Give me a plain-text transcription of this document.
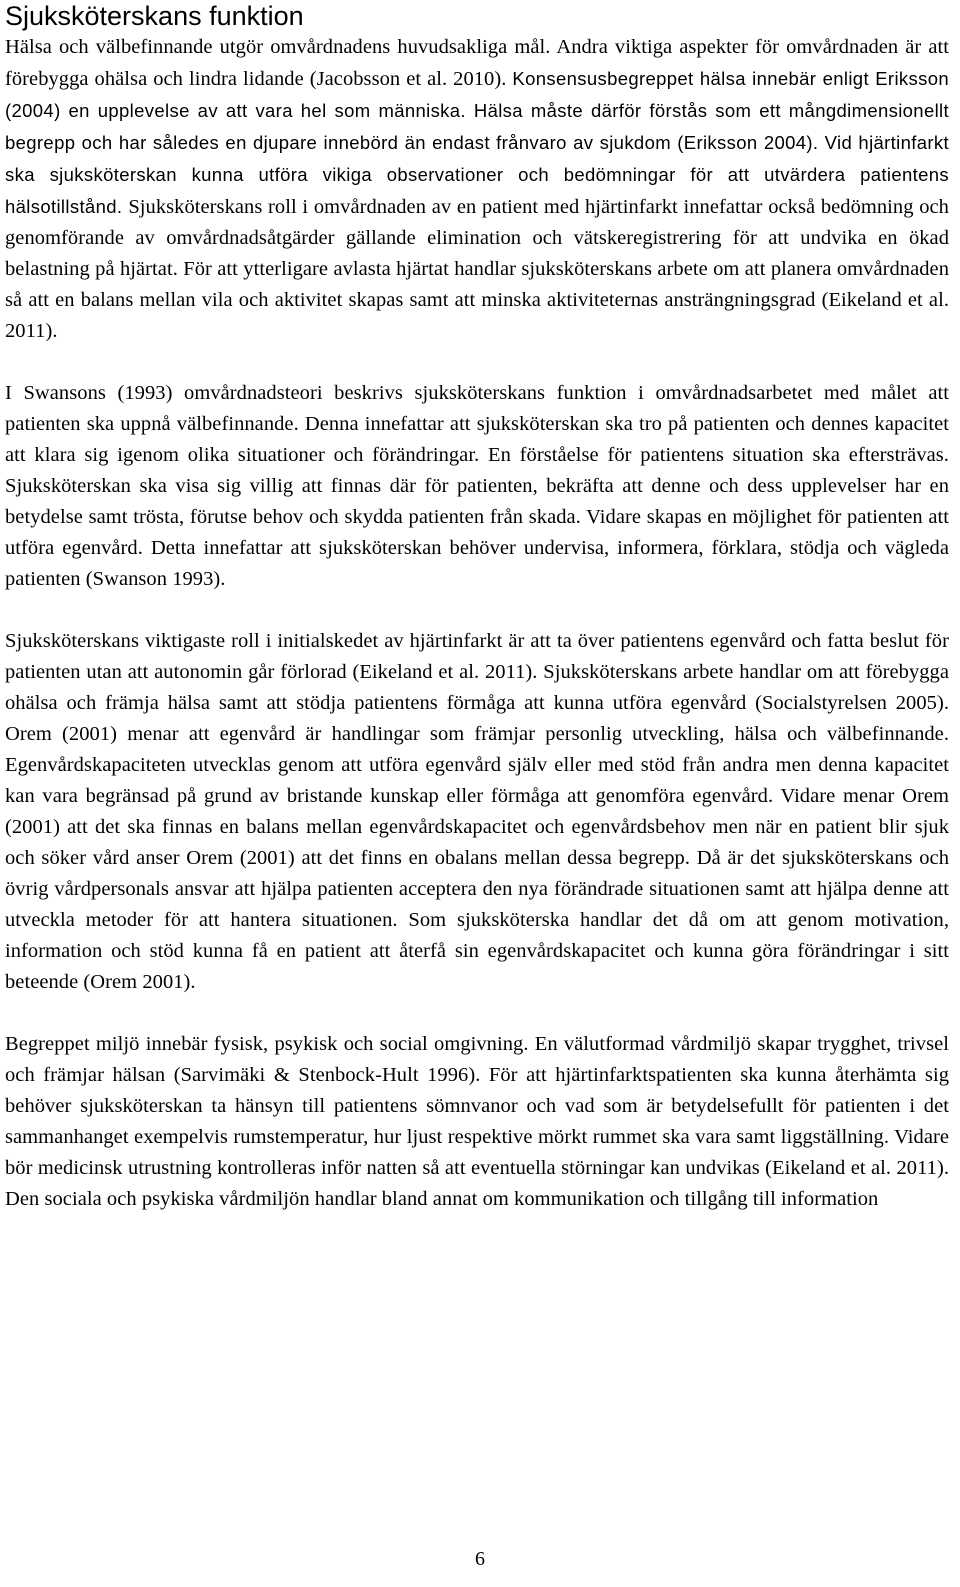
Sjuksköterskans funktion

Hälsa och välbefinnande utgör omvårdnadens huvudsakliga mål. Andra viktiga aspekter för omvårdnaden är att förebygga ohälsa och lindra lidande (Jacobsson et al. 2010). Konsensusbegreppet hälsa innebär enligt Eriksson (2004) en upplevelse av att vara hel som människa. Hälsa måste därför förstås som ett mångdimensionellt begrepp och har således en djupare innebörd än endast frånvaro av sjukdom (Eriksson 2004). Vid hjärtinfarkt ska sjuksköterskan kunna utföra vikiga observationer och bedömningar för att utvärdera patientens hälsotillstånd. Sjuksköterskans roll i omvårdnaden av en patient med hjärtinfarkt innefattar också bedömning och genomförande av omvårdnadsåtgärder gällande elimination och vätskeregistrering för att undvika en ökad belastning på hjärtat. För att ytterligare avlasta hjärtat handlar sjuksköterskans arbete om att planera omvårdnaden så att en balans mellan vila och aktivitet skapas samt att minska aktiviteternas ansträngningsgrad (Eikeland et al. 2011).

I Swansons (1993) omvårdnadsteori beskrivs sjuksköterskans funktion i omvårdnadsarbetet med målet att patienten ska uppnå välbefinnande. Denna innefattar att sjuksköterskan ska tro på patienten och dennes kapacitet att klara sig igenom olika situationer och förändringar. En förståelse för patientens situation ska eftersträvas. Sjuksköterskan ska visa sig villig att finnas där för patienten, bekräfta att denne och dess upplevelser har en betydelse samt trösta, förutse behov och skydda patienten från skada. Vidare skapas en möjlighet för patienten att utföra egenvård. Detta innefattar att sjuksköterskan behöver undervisa, informera, förklara, stödja och vägleda patienten (Swanson 1993).

Sjuksköterskans viktigaste roll i initialskedet av hjärtinfarkt är att ta över patientens egenvård och fatta beslut för patienten utan att autonomin går förlorad (Eikeland et al. 2011). Sjuksköterskans arbete handlar om att förebygga ohälsa och främja hälsa samt att stödja patientens förmåga att kunna utföra egenvård (Socialstyrelsen 2005). Orem (2001) menar att egenvård är handlingar som främjar personlig utveckling, hälsa och välbefinnande. Egenvårdskapaciteten utvecklas genom att utföra egenvård själv eller med stöd från andra men denna kapacitet kan vara begränsad på grund av bristande kunskap eller förmåga att genomföra egenvård. Vidare menar Orem (2001) att det ska finnas en balans mellan egenvårdskapacitet och egenvårdsbehov men när en patient blir sjuk och söker vård anser Orem (2001) att det finns en obalans mellan dessa begrepp. Då är det sjuksköterskans och övrig vårdpersonals ansvar att hjälpa patienten acceptera den nya förändrade situationen samt att hjälpa denne att utveckla metoder för att hantera situationen. Som sjuksköterska handlar det då om att genom motivation, information och stöd kunna få en patient att återfå sin egenvårdskapacitet och kunna göra förändringar i sitt beteende (Orem 2001).

Begreppet miljö innebär fysisk, psykisk och social omgivning. En välutformad vårdmiljö skapar trygghet, trivsel och främjar hälsan (Sarvimäki & Stenbock-Hult 1996). För att hjärtinfarktspatienten ska kunna återhämta sig behöver sjuksköterskan ta hänsyn till patientens sömnvanor och vad som är betydelsefullt för patienten i det sammanhanget exempelvis rumstemperatur, hur ljust respektive mörkt rummet ska vara samt liggställning. Vidare bör medicinsk utrustning kontrolleras inför natten så att eventuella störningar kan undvikas (Eikeland et al. 2011). Den sociala och psykiska vårdmiljön handlar bland annat om kommunikation och tillgång till information

6
